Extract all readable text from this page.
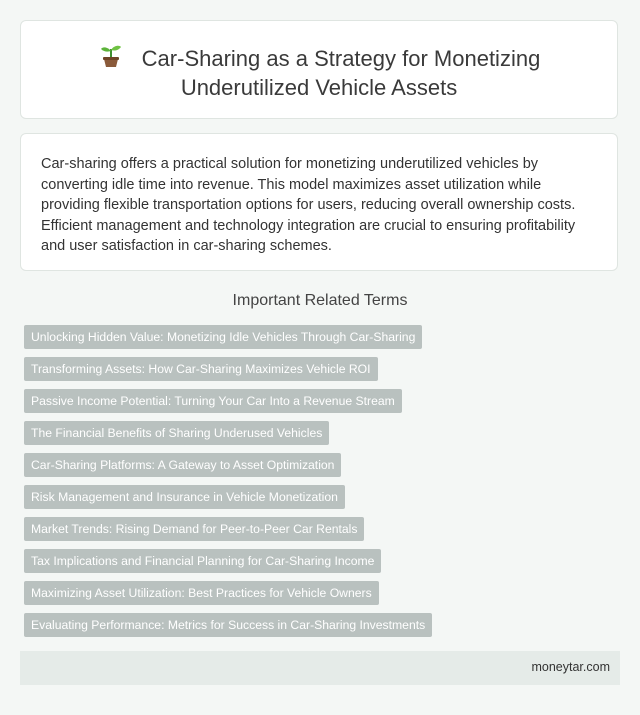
Car-Sharing as a Strategy for Monetizing
Underutilized Vehicle Assets

Car-sharing offers a practical solution for monetizing underutilized vehicles by converting idle time into revenue. This model maximizes asset utilization while providing flexible transportation options for users, reducing overall ownership costs. Efficient management and technology integration are crucial to ensuring profitability and user satisfaction in car-sharing schemes.

Important Related Terms
Unlocking Hidden Value: Monetizing Idle Vehicles Through Car-Sharing
Transforming Assets: How Car-Sharing Maximizes Vehicle ROI
Passive Income Potential: Turning Your Car Into a Revenue Stream
The Financial Benefits of Sharing Underused Vehicles
Car-Sharing Platforms: A Gateway to Asset Optimization
Risk Management and Insurance in Vehicle Monetization
Market Trends: Rising Demand for Peer-to-Peer Car Rentals
Tax Implications and Financial Planning for Car-Sharing Income
Maximizing Asset Utilization: Best Practices for Vehicle Owners
Evaluating Performance: Metrics for Success in Car-Sharing Investments
moneytar.com
